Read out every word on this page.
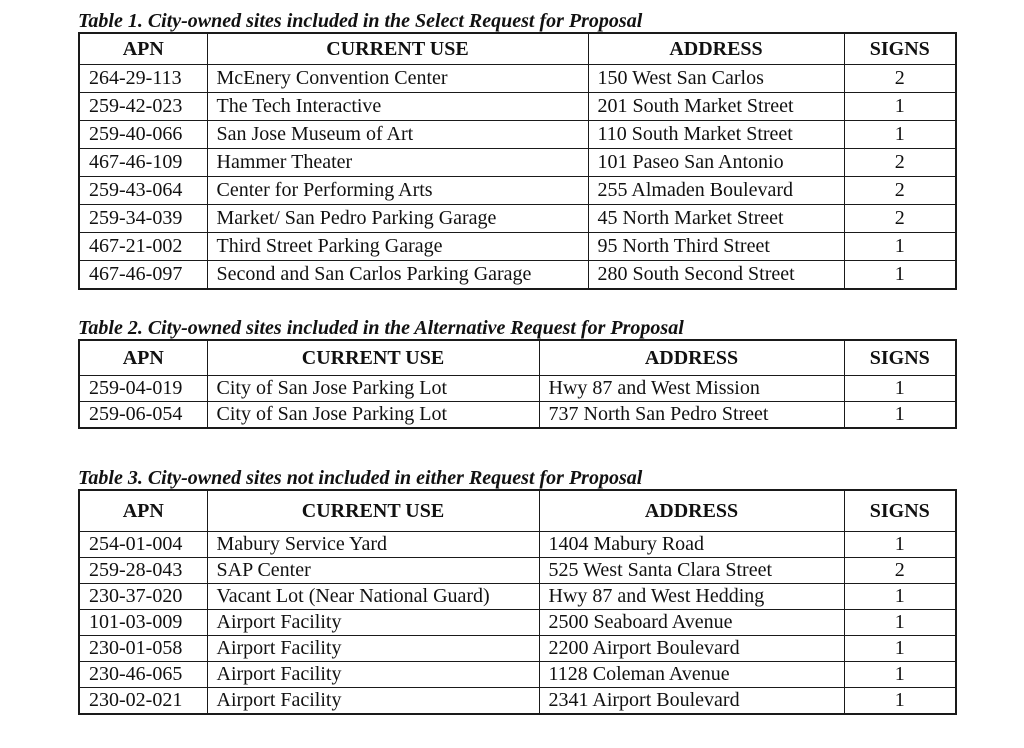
Table 1. City-owned sites included in the Select Request for Proposal
APN	CURRENT USE	ADDRESS	SIGNS
264-29-113	McEnery Convention Center	150 West San Carlos	2
259-42-023	The Tech Interactive	201 South Market Street	1
259-40-066	San Jose Museum of Art	110 South Market Street	1
467-46-109	Hammer Theater	101 Paseo San Antonio	2
259-43-064	Center for Performing Arts	255 Almaden Boulevard	2
259-34-039	Market/ San Pedro Parking Garage	45 North Market Street	2
467-21-002	Third Street Parking Garage	95 North Third Street	1
467-46-097	Second and San Carlos Parking Garage	280 South Second Street	1
Table 2. City-owned sites included in the Alternative Request for Proposal
APN	CURRENT USE	ADDRESS	SIGNS
259-04-019	City of San Jose Parking Lot	Hwy 87 and West Mission	1
259-06-054	City of San Jose Parking Lot	737 North San Pedro Street	1
Table 3. City-owned sites not included in either Request for Proposal
APN	CURRENT USE	ADDRESS	SIGNS
254-01-004	Mabury Service Yard	1404 Mabury Road	1
259-28-043	SAP Center	525 West Santa Clara Street	2
230-37-020	Vacant Lot (Near National Guard)	Hwy 87 and West Hedding	1
101-03-009	Airport Facility	2500 Seaboard Avenue	1
230-01-058	Airport Facility	2200 Airport Boulevard	1
230-46-065	Airport Facility	1128 Coleman Avenue	1
230-02-021	Airport Facility	2341 Airport Boulevard	1
